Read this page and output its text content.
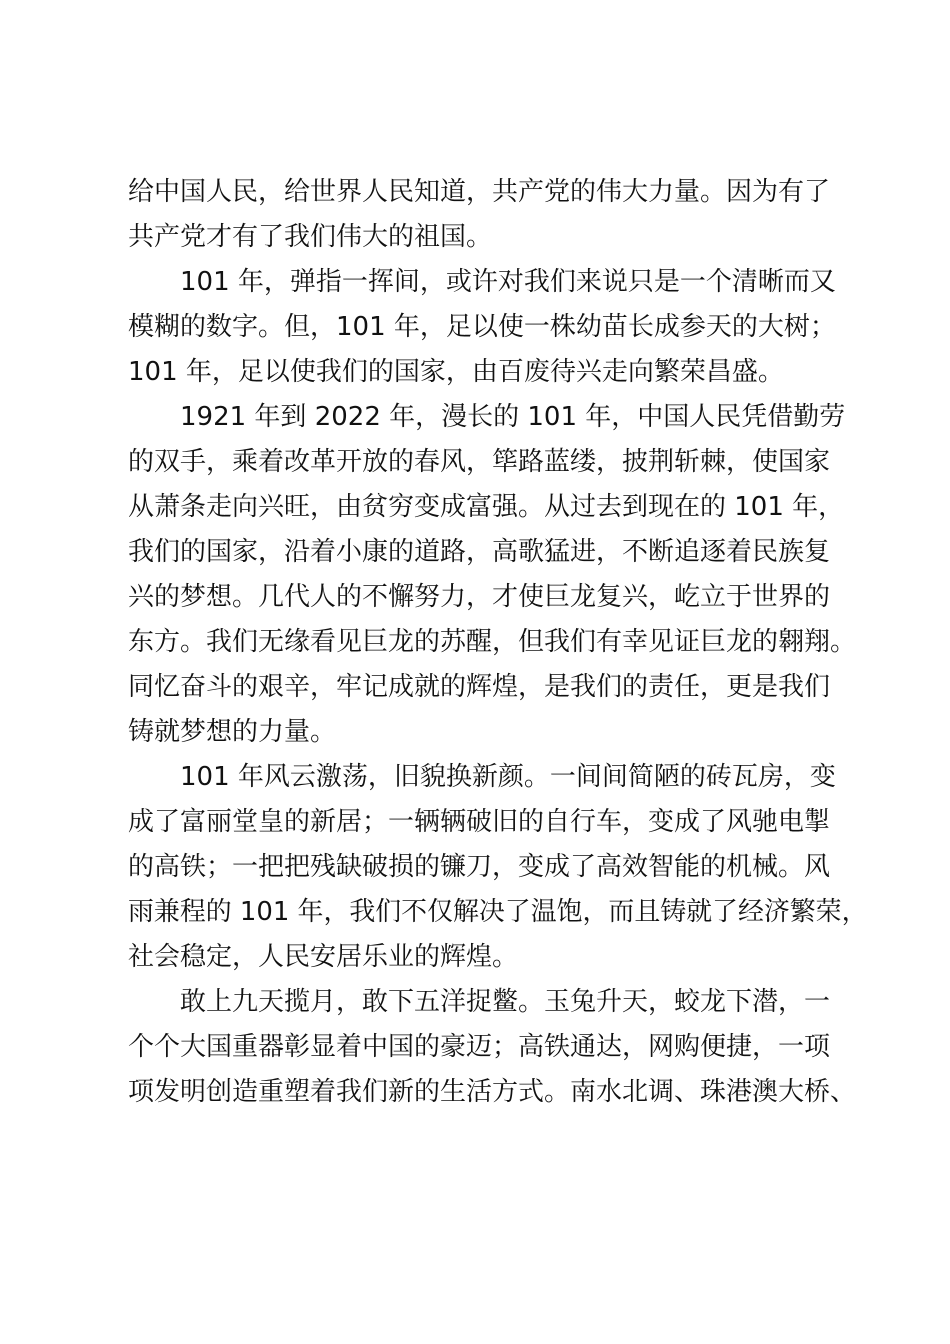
给中国人民，给世界人民知道，共产党的伟大力量。因为有了
共产党才有了我们伟大的祖国。
101 年，弹指一挥间，或许对我们来说只是一个清晰而又
模糊的数字。但，101 年，足以使一株幼苗长成参天的大树；
101 年，足以使我们的国家，由百废待兴走向繁荣昌盛。
1921 年到 2022 年，漫长的 101 年，中国人民凭借勤劳
的双手，乘着改革开放的春风，筚路蓝缕，披荆斩棘，使国家
从萧条走向兴旺，由贫穷变成富强。从过去到现在的 101 年，
我们的国家，沿着小康的道路，高歌猛进，不断追逐着民族复
兴的梦想。几代人的不懈努力，才使巨龙复兴，屹立于世界的
东方。我们无缘看见巨龙的苏醒，但我们有幸见证巨龙的翱翔。
同忆奋斗的艰辛，牢记成就的辉煌，是我们的责任，更是我们
铸就梦想的力量。
101 年风云激荡，旧貌换新颜。一间间简陋的砖瓦房，变
成了富丽堂皇的新居；一辆辆破旧的自行车，变成了风驰电掣
的高铁；一把把残缺破损的镰刀，变成了高效智能的机械。风
雨兼程的 101 年，我们不仅解决了温饱，而且铸就了经济繁荣，
社会稳定，人民安居乐业的辉煌。
敢上九天揽月，敢下五洋捉鳖。玉兔升天，蛟龙下潜，一
个个大国重器彰显着中国的豪迈；高铁通达，网购便捷，一项
项发明创造重塑着我们新的生活方式。南水北调、珠港澳大桥、
